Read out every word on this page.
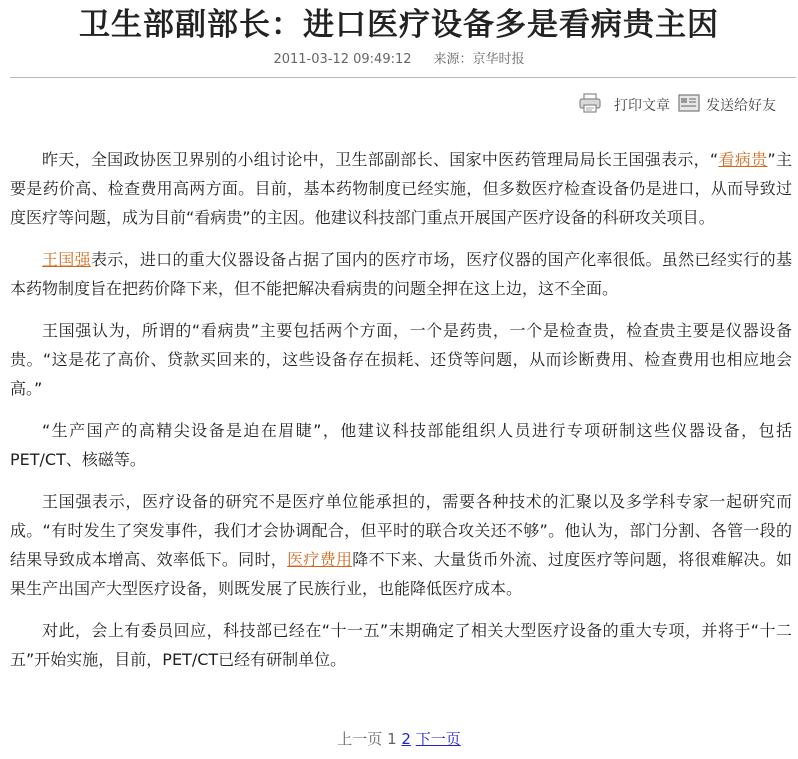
卫生部副部长：进口医疗设备多是看病贵主因
2011-03-12 09:49:12 来源：京华时报
打印文章	发送给好友

昨天，全国政协医卫界别的小组讨论中，卫生部副部长、国家中医药管理局局长王国强表示，“看病贵”主要是药价高、检查费用高两方面。目前，基本药物制度已经实施，但多数医疗检查设备仍是进口，从而导致过度医疗等问题，成为目前“看病贵”的主因。他建议科技部门重点开展国产医疗设备的科研攻关项目。

王国强表示，进口的重大仪器设备占据了国内的医疗市场，医疗仪器的国产化率很低。虽然已经实行的基本药物制度旨在把药价降下来，但不能把解决看病贵的问题全押在这上边，这不全面。

王国强认为，所谓的“看病贵”主要包括两个方面，一个是药贵，一个是检查贵，检查贵主要是仪器设备贵。“这是花了高价、贷款买回来的，这些设备存在损耗、还贷等问题，从而诊断费用、检查费用也相应地会高。”

“生产国产的高精尖设备是迫在眉睫”，他建议科技部能组织人员进行专项研制这些仪器设备，包括PET/CT、核磁等。

王国强表示，医疗设备的研究不是医疗单位能承担的，需要各种技术的汇聚以及多学科专家一起研究而成。“有时发生了突发事件，我们才会协调配合，但平时的联合攻关还不够”。他认为，部门分割、各管一段的结果导致成本增高、效率低下。同时，医疗费用降不下来、大量货币外流、过度医疗等问题，将很难解决。如果生产出国产大型医疗设备，则既发展了民族行业，也能降低医疗成本。

对此，会上有委员回应，科技部已经在“十一五”末期确定了相关大型医疗设备的重大专项，并将于“十二五”开始实施，目前，PET/CT已经有研制单位。

上一页 1 2 下一页
